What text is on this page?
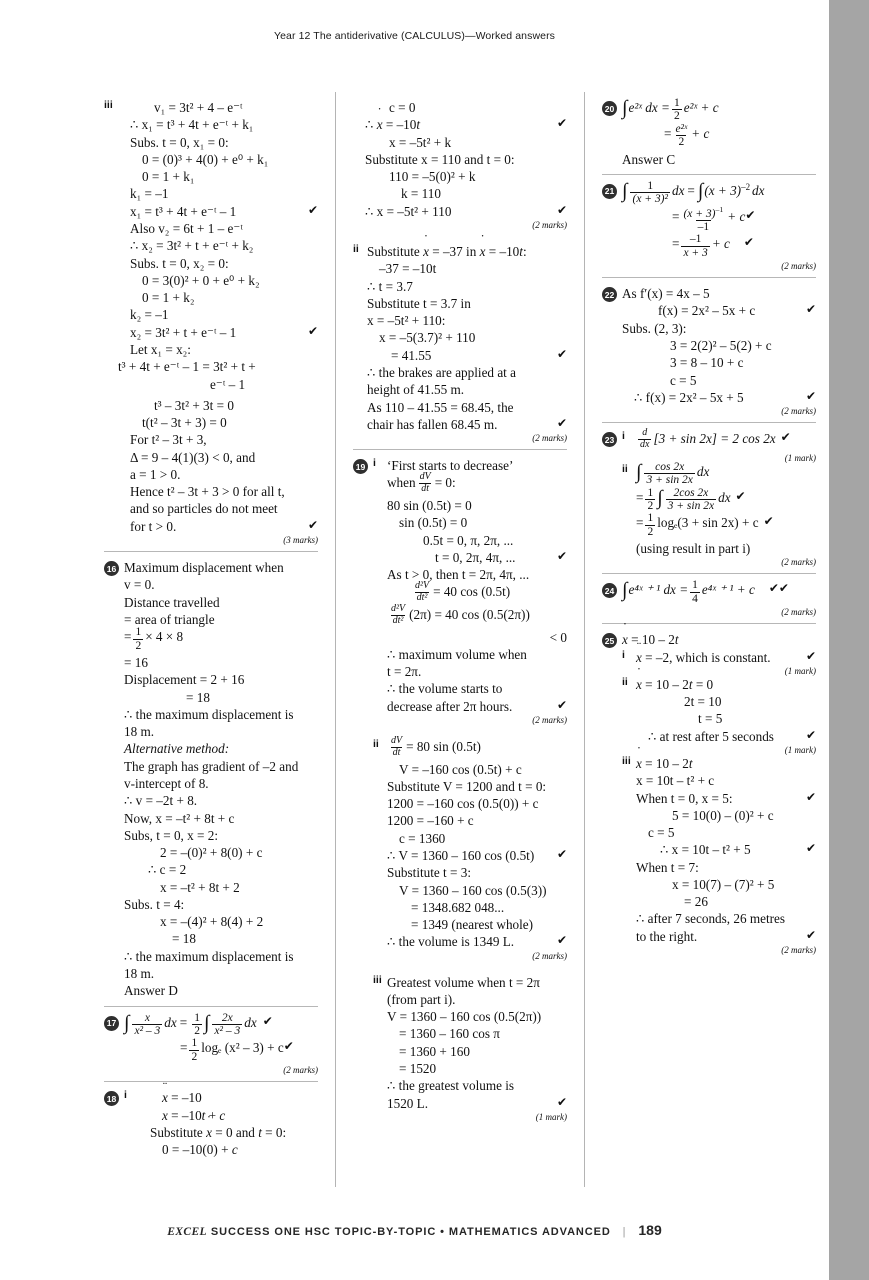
Year 12 The antiderivative (CALCULUS)—Worked answers
iii	v₁ = 3t² + 4 – e⁻ᵗ
∴ x₁ = t³ + 4t + e⁻ᵗ + k₁
Subs. t = 0, x₁ = 0:
0 = (0)³ + 4(0) + e⁰ + k₁
0 = 1 + k₁
k₁ = –1
✔
x₁ = t³ + 4t + e⁻ᵗ – 1
Also v₂ = 6t + 1 – e⁻ᵗ
∴ x₂ = 3t² + t + e⁻ᵗ + k₂
Subs. t = 0, x₂ = 0:
0 = 3(0)² + 0 + e⁰ + k₂
0 = 1 + k₂
k₂ = –1
✔
x₂ = 3t² + t + e⁻ᵗ – 1
Let x₁ = x₂:
t³ + 4t + e⁻ᵗ – 1 = 3t² + t +
e⁻ᵗ – 1
t³ – 3t² + 3t = 0
t(t² – 3t + 3) = 0
For t² – 3t + 3,
Δ = 9 – 4(1)(3) < 0, and
a = 1 > 0.
Hence t² – 3t + 3 > 0 for all t,
and so particles do not meet
✔
for t > 0.
(3 marks)
16 Maximum displacement when
v = 0.
Distance travelled
= area of triangle
= $\frac{1}{2} \times 4 \times 8$
= 16
Displacement = 2 + 16
= 18
∴ the maximum displacement is
18 m.
Alternative method:
The graph has gradient of –2 and
v-intercept of 8.
∴ v = –2t + 8.
Now, x = –t² + 8t + c
Subs, t = 0, x = 2:
2 = –(0)² + 8(0) + c
∴ c = 2
x = –t² + 8t + 2
Subs. t = 4:
x = –(4)² + 8(4) + 2
= 18
∴ the maximum displacement is
18 m.
Answer D
17 ∫ $\frac{x}{\text{x² – 3}}$ dx = $\frac{1}{2}$ ∫ $\frac{2x}{\text{x² – 3}}$ dx ✔
= $\frac{1}{2}$ logₑ (x² – 3) + c ✔
(2 marks)
18 i	¨ x = –10
˙ x = –10t + c
Substitute ˙ x = 0 and t = 0:
0 = –10(0) + c
c = 0
✔
∴ ˙ x = –10t
x = –5t² + k
Substitute x = 110 and t = 0:
110 = –5(0)² + k
k = 110
✔
∴ x = –5t² + 110
(2 marks)
ii Substitute ˙ x = –37 in ˙ x = –10t:
–37 = –10t
∴ t = 3.7
Substitute t = 3.7 in
x = –5t² + 110:
x = –5(3.7)² + 110
✔
= 41.55
∴ the brakes are applied at a
height of 41.55 m.
As 110 – 41.55 = 68.45, the
✔
chair has fallen 68.45 m.
(2 marks)
19 i ‘First starts to decrease’
when $\frac{dV}{dt} = 0$:
80 sin (0.5t) = 0
sin (0.5t) = 0
0.5t = 0, π, 2π, ...
✔
t = 0, 2π, 4π, ...
As t > 0, then t = 2π, 4π, ...
$\frac{\text{d²V}}{\text{dt²}} = 40$ cos (0.5t)
$\frac{\text{d²V}}{\text{dt²}} (2\pi) = 40$ cos (0.5(2π))
< 0
∴ maximum volume when
t = 2π.
∴ the volume starts to
✔
decrease after 2π hours.
(2 marks)
ii	$\frac{dV}{dt} = 80$ sin (0.5t)
V = –160 cos (0.5t) + c
Substitute V = 1200 and t = 0:
1200 = –160 cos (0.5(0)) + c
1200 = –160 + c
c = 1360
✔
∴ V = 1360 – 160 cos (0.5t)
Substitute t = 3:
V = 1360 – 160 cos (0.5(3))
= 1348.682 048...
= 1349 (nearest whole)
✔
∴ the volume is 1349 L.
(2 marks)
iii Greatest volume when t = 2π
(from part i).
V = 1360 – 160 cos (0.5(2π))
= 1360 – 160 cos π
= 1360 + 160
= 1520
∴ the greatest volume is
✔
1520 L.
(1 mark)
20 ∫ e²ˣ dx = $\frac{1}{2}$ e²ˣ + c
= $\frac{\text{e²ˣ}}{2} + c$
Answer C
21 ∫ $\frac{1}{\text{(x + 3)²}}$ dx = ∫ $(x + 3)^{-2}$ dx
= $\frac{(x + 3)^{-1}}{-1} + c$ ✔
= $\frac{-1}{x + 3} + c$ ✔
(2 marks)
22 As f′(x) = 4x – 5
✔
f(x) = 2x² – 5x + c
Subs. (2, 3):
3 = 2(2)² – 5(2) + c
3 = 8 – 10 + c
c = 5
✔
∴ f(x) = 2x² – 5x + 5
(2 marks)
23 i	$\frac{d}{dx} [3 + \sin 2x] = 2$ cos 2x ✔
(1 mark)
ii ∫ $\frac{\cos 2x}{3 + \sin 2x}$ dx
= $\frac{1}{2}$ ∫ $\frac{2\cos 2x}{3 + \sin 2x}$ dx ✔
= $\frac{1}{2} \log_e(3 + \sin 2x) + c$ ✔
(using result in part i)
(2 marks)
24 ∫ e⁴ˣ ⁺ ¹ dx = $\frac{1}{4}$ e⁴ˣ ⁺ ¹ + c ✔✔
(2 marks)
25 ˙ x = 10 – 2t
i	✔
¨ x = –2, which is constant.
(1 mark)
ii ˙ x = 10 – 2t = 0
2t = 10
t = 5
✔
∴ at rest after 5 seconds
(1 mark)
iii ˙ x = 10 – 2t
x = 10t – t² + c
✔
When t = 0, x = 5:
5 = 10(0) – (0)² + c
c = 5
✔
∴ x = 10t – t² + 5
When t = 7:
x = 10(7) – (7)² + 5
= 26
∴ after 7 seconds, 26 metres
✔
to the right.
(2 marks)
EXCEL SUCCESS ONE HSC TOPIC-BY-TOPIC • MATHEMATICS ADVANCED | 189
